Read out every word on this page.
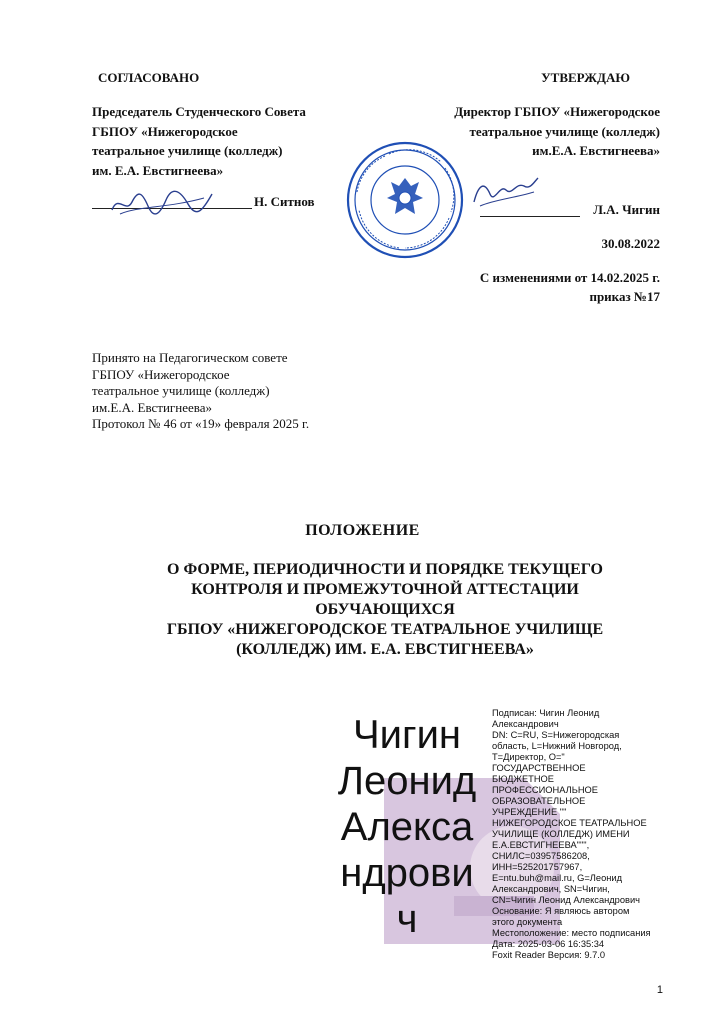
СОГЛАСОВАНО
Председатель Студенческого Совета
ГБПОУ «Нижегородское
театральное училище (колледж)
им. Е.А. Евстигнеева»
Н. Ситнов
УТВЕРЖДАЮ
Директор ГБПОУ «Нижегородское
театральное училище (колледж)
им.Е.А. Евстигнеева»
Л.А. Чигин
30.08.2022
С изменениями от 14.02.2025 г.
приказ №17
Принято на Педагогическом совете
ГБПОУ «Нижегородское
театральное училище (колледж)
им.Е.А. Евстигнеева»
Протокол № 46 от «19» февраля 2025 г.
ПОЛОЖЕНИЕ
О ФОРМЕ, ПЕРИОДИЧНОСТИ И ПОРЯДКЕ ТЕКУЩЕГО
КОНТРОЛЯ И ПРОМЕЖУТОЧНОЙ АТТЕСТАЦИИ
ОБУЧАЮЩИХСЯ
ГБПОУ «НИЖЕГОРОДСКОЕ ТЕАТРАЛЬНОЕ УЧИЛИЩЕ
(КОЛЛЕДЖ) ИМ. Е.А. ЕВСТИГНЕЕВА»
Чигин
Леонид
Алекса
ндрови
ч
Подписан: Чигин Леонид
Александрович
DN: C=RU, S=Нижегородская
область, L=Нижний Новгород,
T=Директор, O="
ГОСУДАРСТВЕННОЕ
БЮДЖЕТНОЕ
ПРОФЕССИОНАЛЬНОЕ
ОБРАЗОВАТЕЛЬНОЕ
УЧРЕЖДЕНИЕ ""
НИЖЕГОРОДСКОЕ ТЕАТРАЛЬНОЕ
УЧИЛИЩЕ (КОЛЛЕДЖ) ИМЕНИ
Е.А.ЕВСТИГНЕЕВА""",
СНИЛС=03957586208,
ИНН=525201757967,
E=ntu.buh@mail.ru, G=Леонид
Александрович, SN=Чигин,
CN=Чигин Леонид Александрович
Основание: Я являюсь автором
этого документа
Местоположение: место подписания
Дата: 2025-03-06 16:35:34
Foxit Reader Версия: 9.7.0
1
